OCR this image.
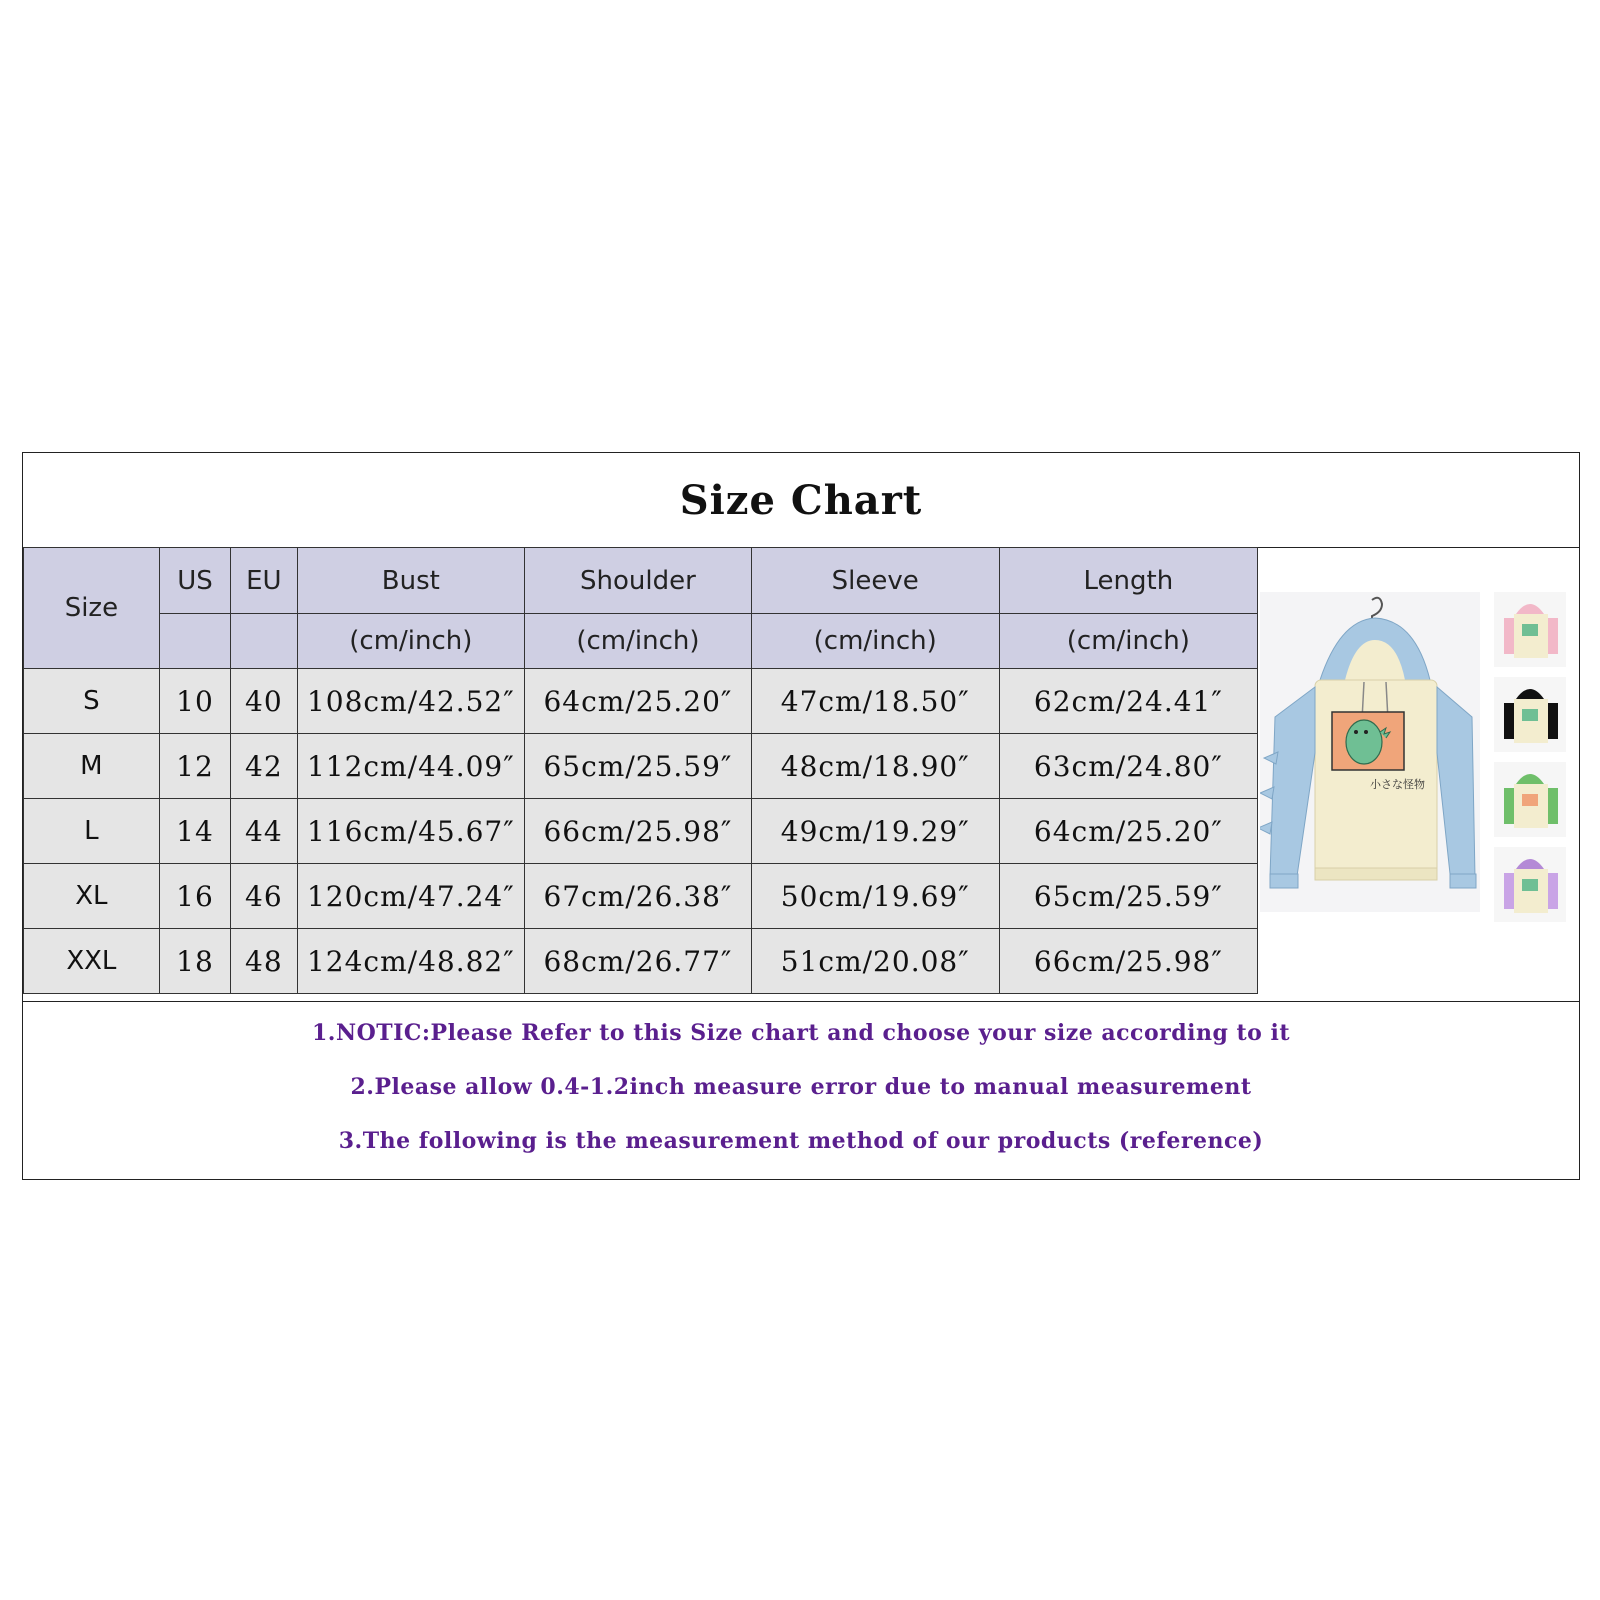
Size Chart
Size	US	EU	Bust	Shoulder	Sleeve	Length
			(cm/inch)	(cm/inch)	(cm/inch)	(cm/inch)
S	10	40	108cm/42.52″	64cm/25.20″	47cm/18.50″	62cm/24.41″
M	12	42	112cm/44.09″	65cm/25.59″	48cm/18.90″	63cm/24.80″
L	14	44	116cm/45.67″	66cm/25.98″	49cm/19.29″	64cm/25.20″
XL	16	46	120cm/47.24″	67cm/26.38″	50cm/19.69″	65cm/25.59″
XXL	18	48	124cm/48.82″	68cm/26.77″	51cm/20.08″	66cm/25.98″
1.NOTIC:Please Refer to this Size chart and choose your size according to it
2.Please allow 0.4-1.2inch measure error due to manual measurement
3.The following is the measurement method of our products (reference)
小さな怪物
